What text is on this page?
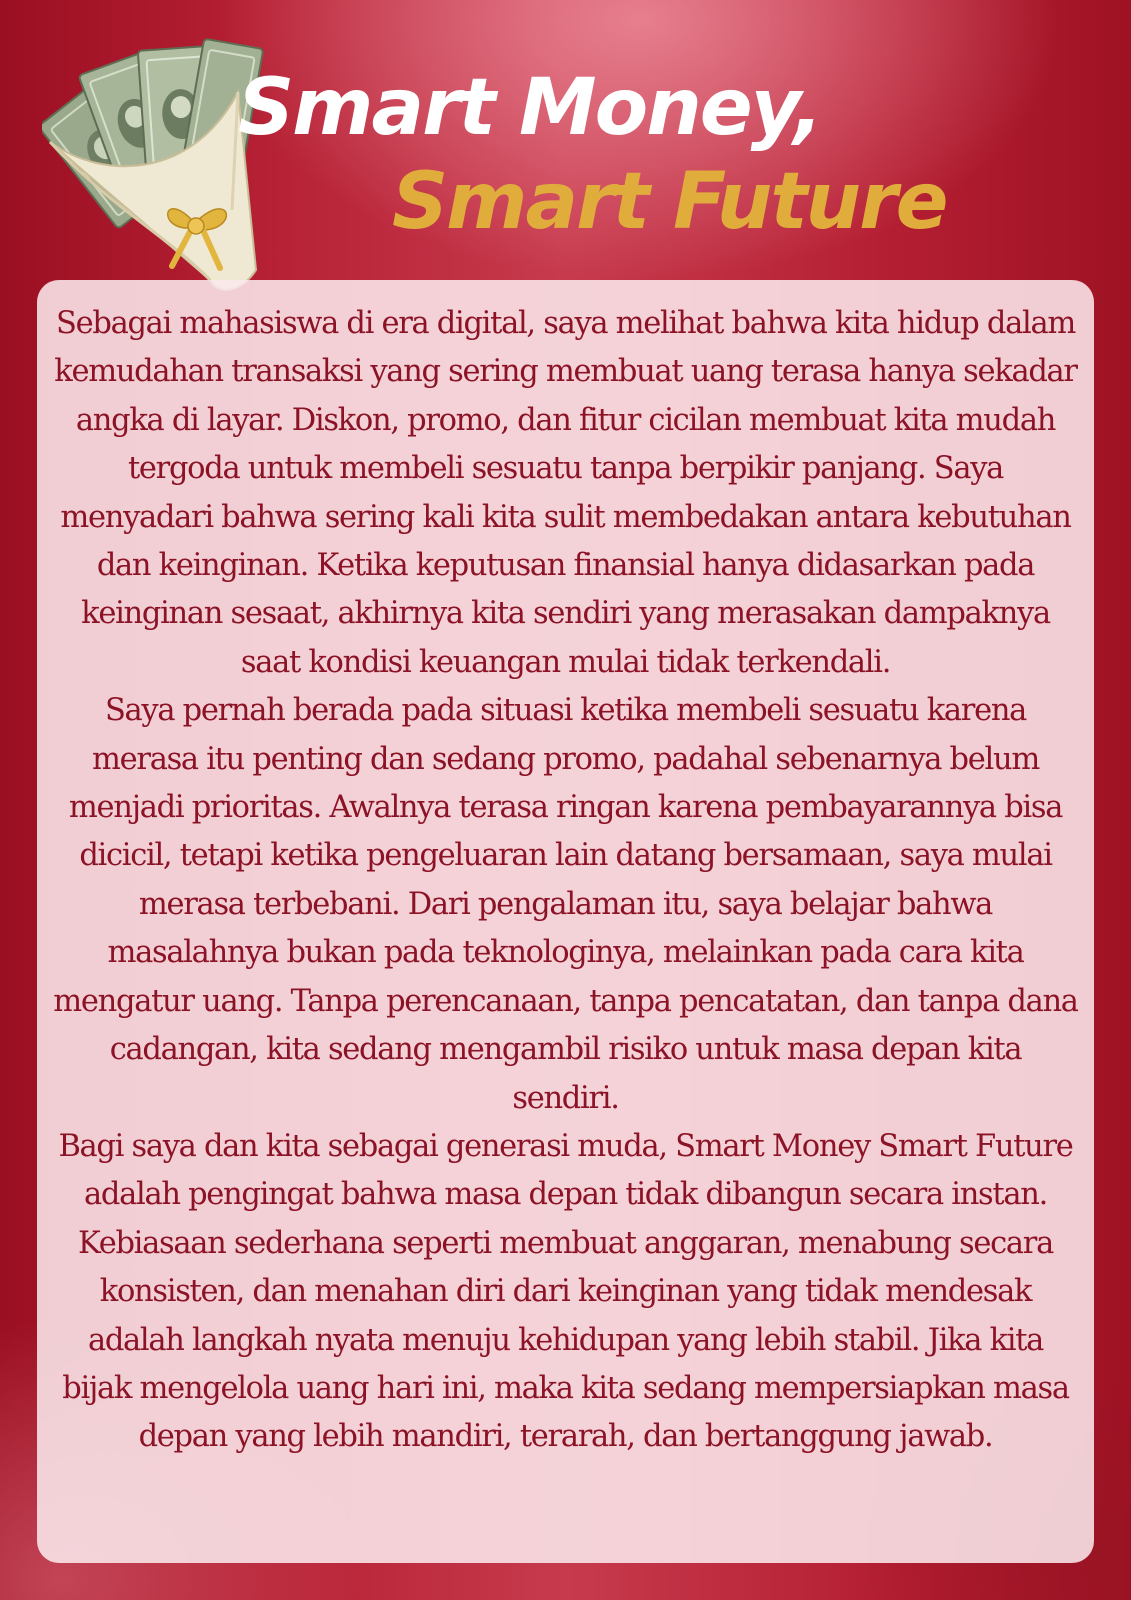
Smart Money,
Smart Future

Sebagai mahasiswa di era digital, saya melihat bahwa kita hidup dalam kemudahan transaksi yang sering membuat uang terasa hanya sekadar angka di layar. Diskon, promo, dan fitur cicilan membuat kita mudah tergoda untuk membeli sesuatu tanpa berpikir panjang. Saya menyadari bahwa sering kali kita sulit membedakan antara kebutuhan dan keinginan. Ketika keputusan finansial hanya didasarkan pada keinginan sesaat, akhirnya kita sendiri yang merasakan dampaknya saat kondisi keuangan mulai tidak terkendali.

Saya pernah berada pada situasi ketika membeli sesuatu karena merasa itu penting dan sedang promo, padahal sebenarnya belum menjadi prioritas. Awalnya terasa ringan karena pembayarannya bisa dicicil, tetapi ketika pengeluaran lain datang bersamaan, saya mulai merasa terbebani. Dari pengalaman itu, saya belajar bahwa masalahnya bukan pada teknologinya, melainkan pada cara kita mengatur uang. Tanpa perencanaan, tanpa pencatatan, dan tanpa dana cadangan, kita sedang mengambil risiko untuk masa depan kita sendiri.

Bagi saya dan kita sebagai generasi muda, Smart Money Smart Future adalah pengingat bahwa masa depan tidak dibangun secara instan. Kebiasaan sederhana seperti membuat anggaran, menabung secara konsisten, dan menahan diri dari keinginan yang tidak mendesak adalah langkah nyata menuju kehidupan yang lebih stabil. Jika kita bijak mengelola uang hari ini, maka kita sedang mempersiapkan masa depan yang lebih mandiri, terarah, dan bertanggung jawab.
